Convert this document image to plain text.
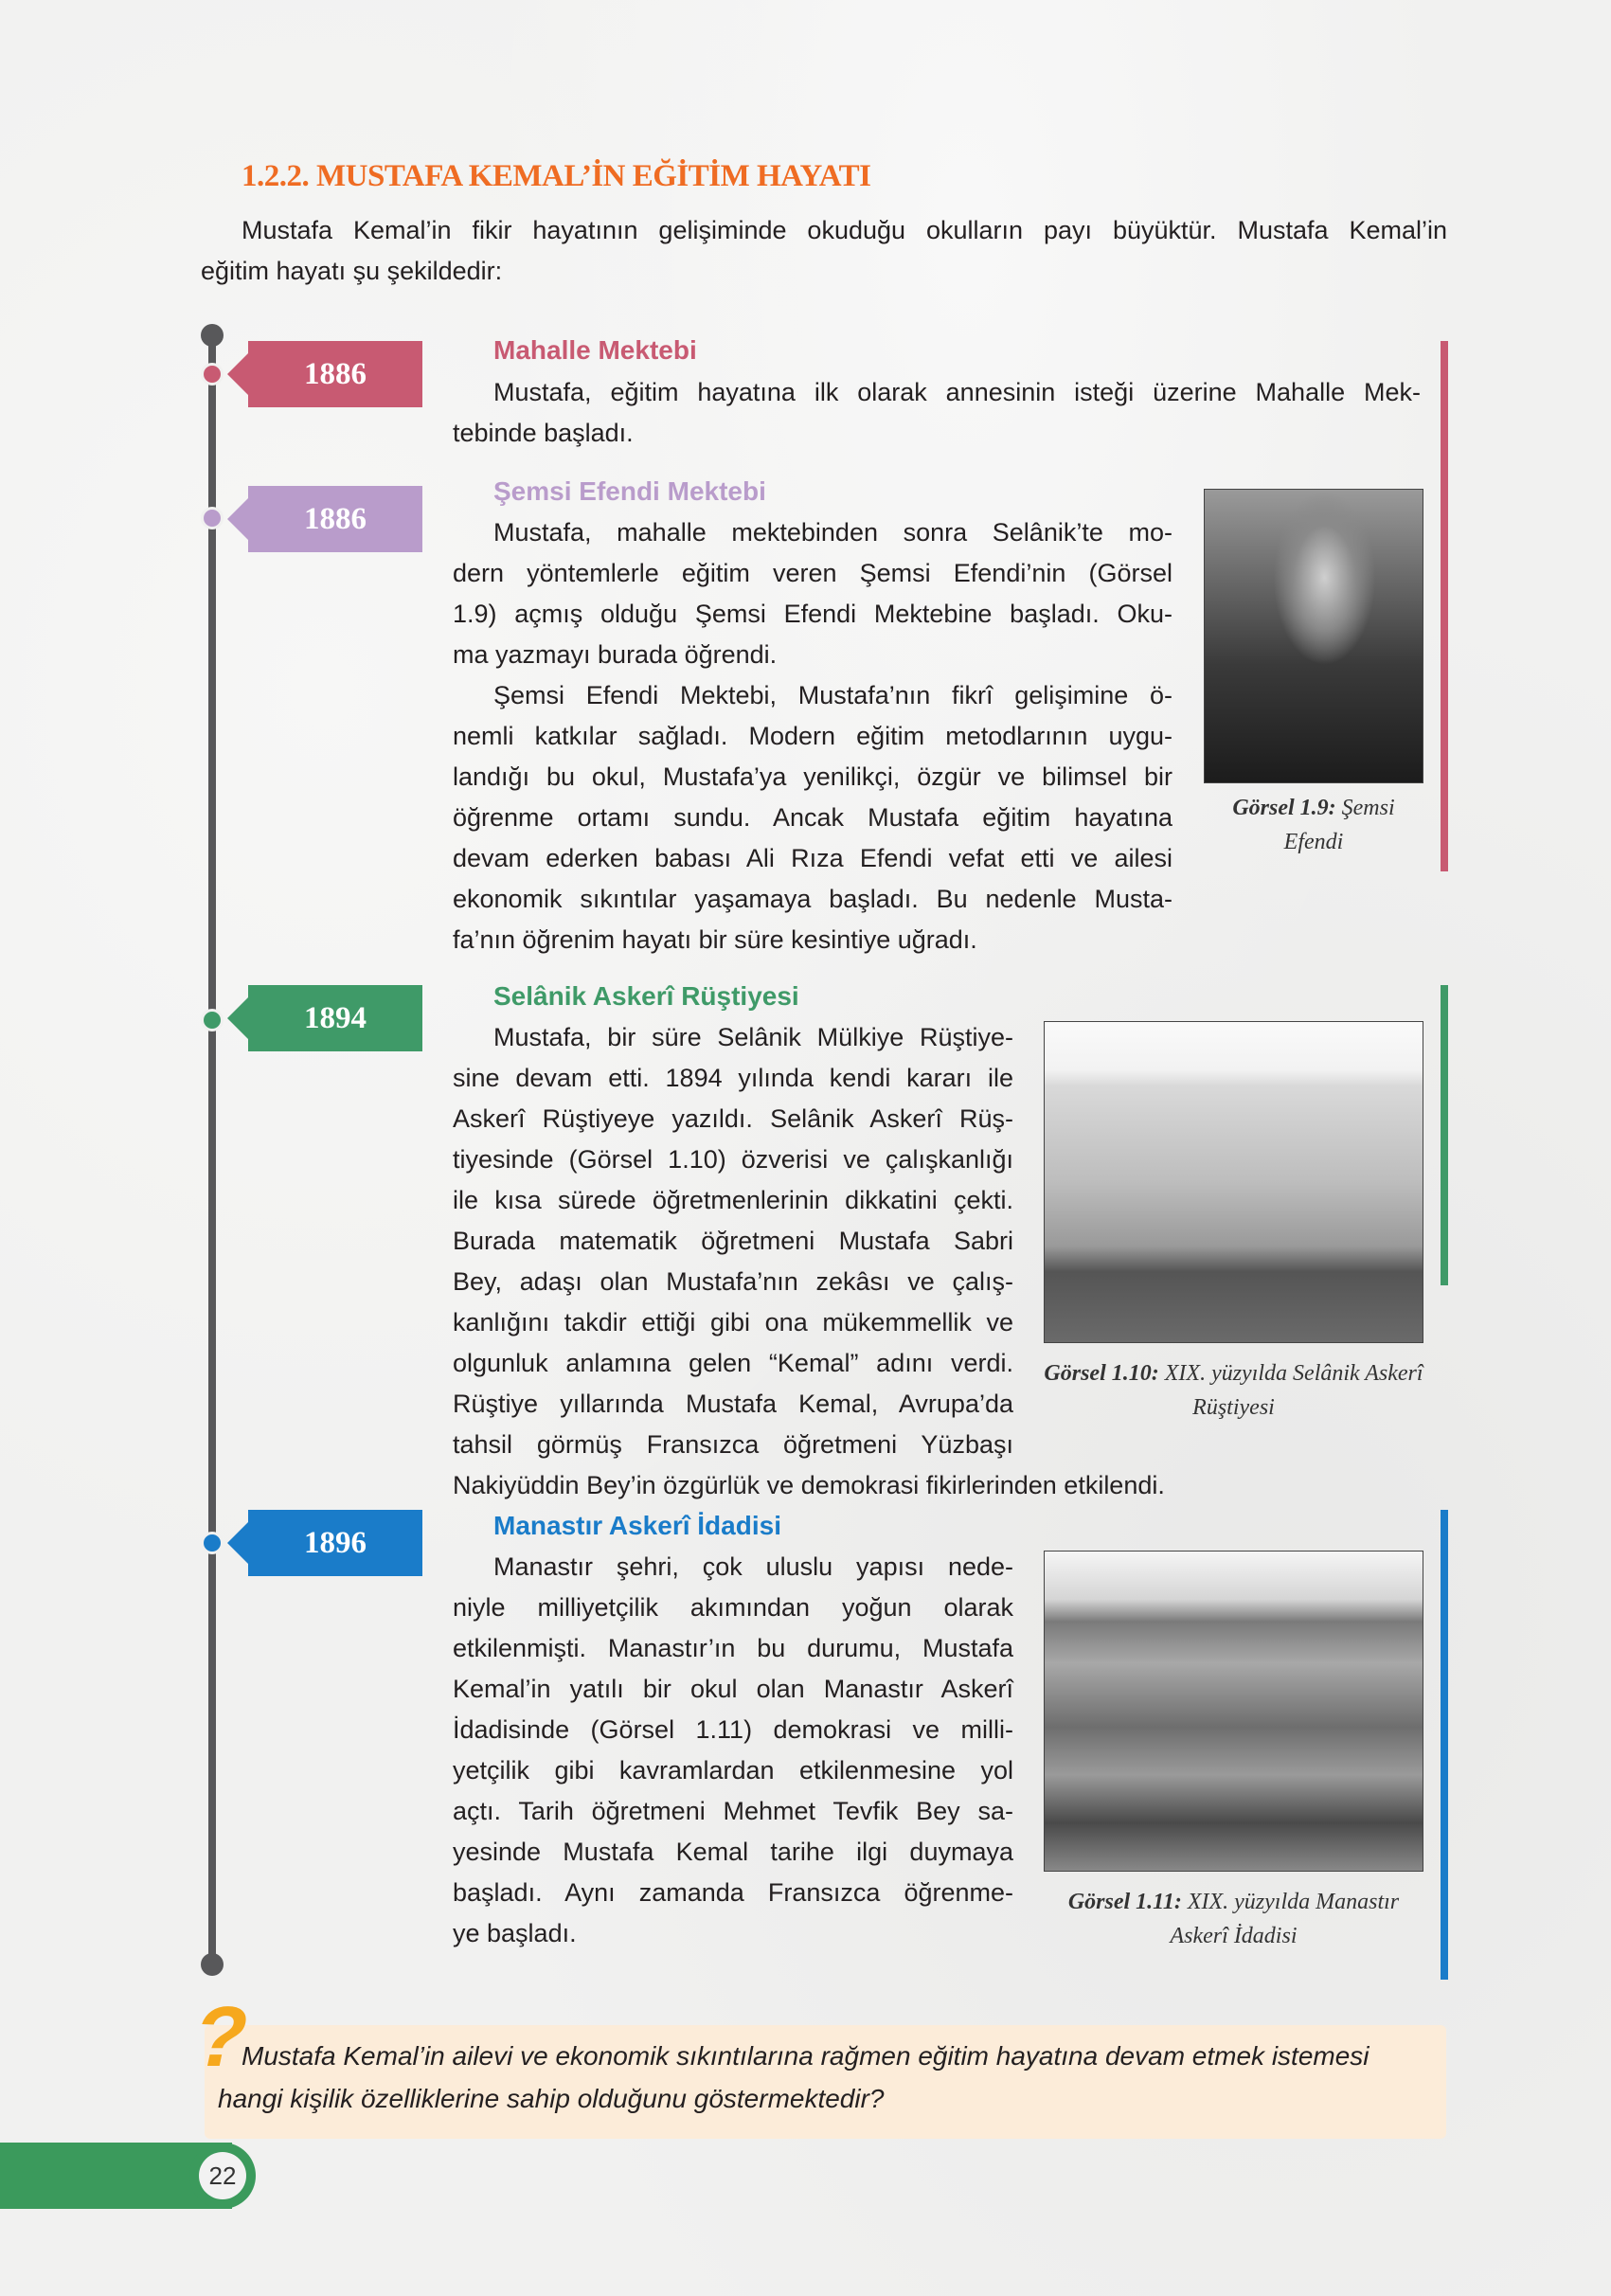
1.2.2. MUSTAFA KEMAL’İN EĞİTİM HAYATI
Mustafa Kemal’in fikir hayatının gelişiminde okuduğu okulların payı büyüktür. Mustafa Kemal’in
eğitim hayatı şu şekildedir:
1886
Mahalle Mektebi
Mustafa, eğitim hayatına ilk olarak annesinin isteği üzerine Mahalle Mek-
tebinde başladı.
1886
Şemsi Efendi Mektebi
Mustafa, mahalle mektebinden sonra Selânik’te mo-
dern yöntemlerle eğitim veren Şemsi Efendi’nin (Görsel
1.9) açmış olduğu Şemsi Efendi Mektebine başladı. Oku-
ma yazmayı burada öğrendi.
Şemsi Efendi Mektebi, Mustafa’nın fikrî gelişimine ö-
nemli katkılar sağladı. Modern eğitim metodlarının uygu-
landığı bu okul, Mustafa’ya yenilikçi, özgür ve bilimsel bir
öğrenme ortamı sundu. Ancak Mustafa eğitim hayatına
devam ederken babası Ali Rıza Efendi vefat etti ve ailesi
ekonomik sıkıntılar yaşamaya başladı. Bu nedenle Musta-
fa’nın öğrenim hayatı bir süre kesintiye uğradı.
Görsel 1.9: Şemsi Efendi
1894
Selânik Askerî Rüştiyesi
Mustafa, bir süre Selânik Mülkiye Rüştiye-
sine devam etti. 1894 yılında kendi kararı ile
Askerî Rüştiyeye yazıldı. Selânik Askerî Rüş-
tiyesinde (Görsel 1.10) özverisi ve çalışkanlığı
ile kısa sürede öğretmenlerinin dikkatini çekti.
Burada matematik öğretmeni Mustafa Sabri
Bey, adaşı olan Mustafa’nın zekâsı ve çalış-
kanlığını takdir ettiği gibi ona mükemmellik ve
olgunluk anlamına gelen “Kemal” adını verdi.
Rüştiye yıllarında Mustafa Kemal, Avrupa’da
tahsil görmüş Fransızca öğretmeni Yüzbaşı
Nakiyüddin Bey’in özgürlük ve demokrasi fikirlerinden etkilendi.
Görsel 1.10: XIX. yüzyılda Selânik Askerî Rüştiyesi
1896	Manastır Askerî İdadisi
Manastır şehri, çok uluslu yapısı nede-
niyle milliyetçilik akımından yoğun olarak
etkilenmişti. Manastır’ın bu durumu, Mustafa
Kemal’in yatılı bir okul olan Manastır Askerî
İdadisinde (Görsel 1.11) demokrasi ve milli-
yetçilik gibi kavramlardan etkilenmesine yol
açtı. Tarih öğretmeni Mehmet Tevfik Bey sa-
yesinde Mustafa Kemal tarihe ilgi duymaya
başladı. Aynı zamanda Fransızca öğrenme-
ye başladı.
Görsel 1.11: XIX. yüzyılda Manastır Askerî İdadisi
?
Mustafa Kemal’in ailevi ve ekonomik sıkıntılarına rağmen eğitim hayatına devam etmek istemesi hangi kişilik özelliklerine sahip olduğunu göstermektedir?
22
